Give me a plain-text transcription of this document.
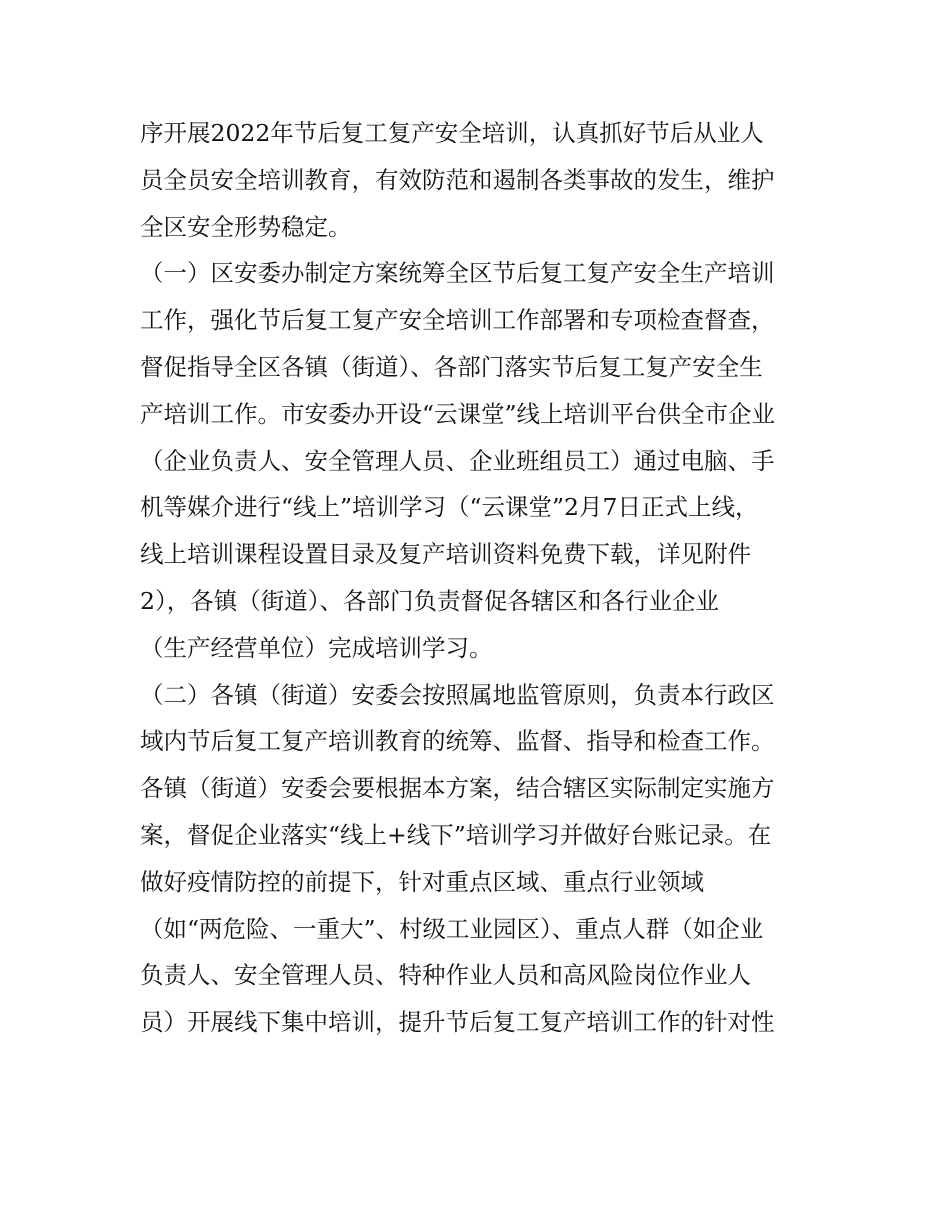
序开展2022年节后复工复产安全培训，认真抓好节后从业人
员全员安全培训教育，有效防范和遏制各类事故的发生，维护
全区安全形势稳定。
（一）区安委办制定方案统筹全区节后复工复产安全生产培训
工作，强化节后复工复产安全培训工作部署和专项检查督查，
督促指导全区各镇（街道）、各部门落实节后复工复产安全生
产培训工作。市安委办开设“云课堂”线上培训平台供全市企业
（企业负责人、安全管理人员、企业班组员工）通过电脑、手
机等媒介进行“线上”培训学习（“云课堂”2月7日正式上线，
线上培训课程设置目录及复产培训资料免费下载，详见附件
2），各镇（街道）、各部门负责督促各辖区和各行业企业
（生产经营单位）完成培训学习。
（二）各镇（街道）安委会按照属地监管原则，负责本行政区
域内节后复工复产培训教育的统筹、监督、指导和检查工作。
各镇（街道）安委会要根据本方案，结合辖区实际制定实施方
案，督促企业落实“线上+线下”培训学习并做好台账记录。在
做好疫情防控的前提下，针对重点区域、重点行业领域
（如“两危险、一重大”、村级工业园区）、重点人群（如企业
负责人、安全管理人员、特种作业人员和高风险岗位作业人
员）开展线下集中培训，提升节后复工复产培训工作的针对性
